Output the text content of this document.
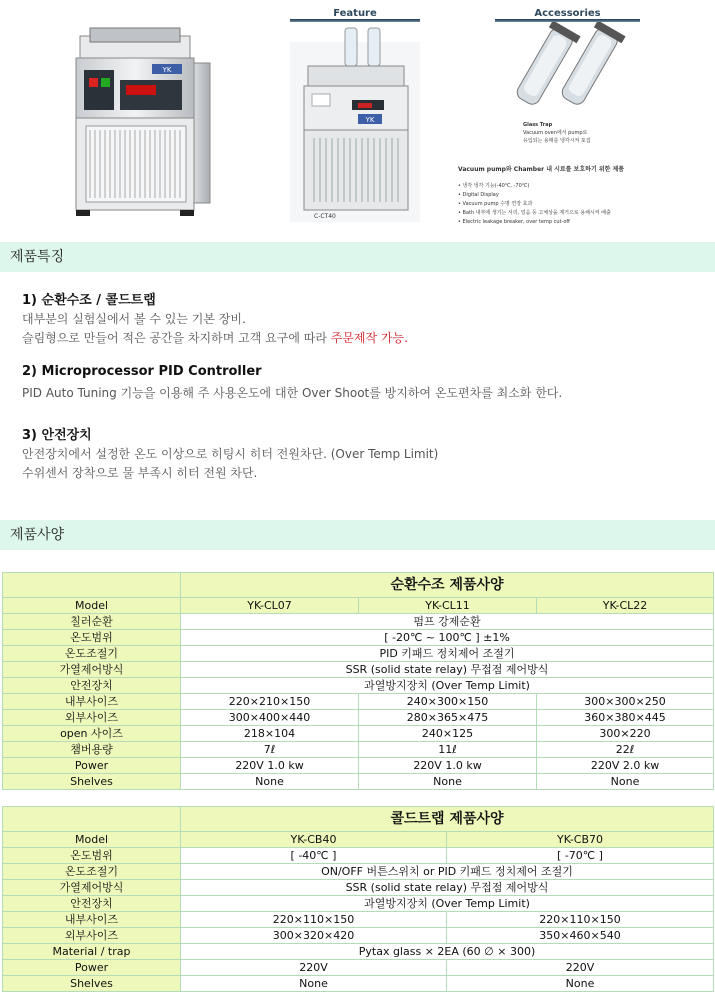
YK
Feature
YK
C-CT40
Accessories
Glass Trap
Vacuum oven에서 pump로
유입되는 용매를 냉각시켜 포집
Vacuum pump와 Chamber 내 시료를 보호하기 위한 제품
• 냉각 냉각 기능(-40℃, -70℃)
• Digital Display
• Vacuum pump 수명 연장 효과
• Bath 내부에 생기는 서리, 얼음 등 고체상을 제거으로 용해시켜 배출
• Electric leakage breaker, over temp cut-off
제품특징
1) 순환수조 / 콜드트랩
대부분의 실험실에서 볼 수 있는 기본 장비.
슬림형으로 만들어 적은 공간을 차지하며 고객 요구에 따라 주문제작 가능.
2) Microprocessor PID Controller
PID Auto Tuning 기능을 이용해 주 사용온도에 대한 Over Shoot를 방지하여 온도편차를 최소화 한다.
3) 안전장치
안전장치에서 설정한 온도 이상으로 히팅시 히터 전원차단. (Over Temp Limit)
수위센서 장착으로 물 부족시 히터 전원 차단.
제품사양
	순환수조 제품사양		
Model	YK-CL07	YK-CL11	YK-CL22
칠러순환	펌프 강제순환		
온도범위	[ -20℃ ~ 100℃ ] ±1%		
온도조절기	PID 키패드 정치제어 조절기		
가열제어방식	SSR (solid state relay) 무접점 제어방식		
안전장치	과열방지장치 (Over Temp Limit)		
내부사이즈	220×210×150	240×300×150	300×300×250
외부사이즈	300×400×440	280×365×475	360×380×445
open 사이즈	218×104	240×125	300×220
챔버용량	7ℓ	11ℓ	22ℓ
Power	220V 1.0 kw	220V 1.0 kw	220V 2.0 kw
Shelves	None	None	None
	콜드트랩 제품사양	
Model	YK-CB40	YK-CB70
온도범위	[ -40℃ ]	[ -70℃ ]
온도조절기	ON/OFF 버튼스위치 or PID 키패드 정치제어 조절기	
가열제어방식	SSR (solid state relay) 무접점 제어방식	
안전장치	과열방지장치 (Over Temp Limit)	
내부사이즈	220×110×150	220×110×150
외부사이즈	300×320×420	350×460×540
Material / trap	Pytax glass × 2EA (60 ∅ × 300)	
Power	220V	220V
Shelves	None	None
